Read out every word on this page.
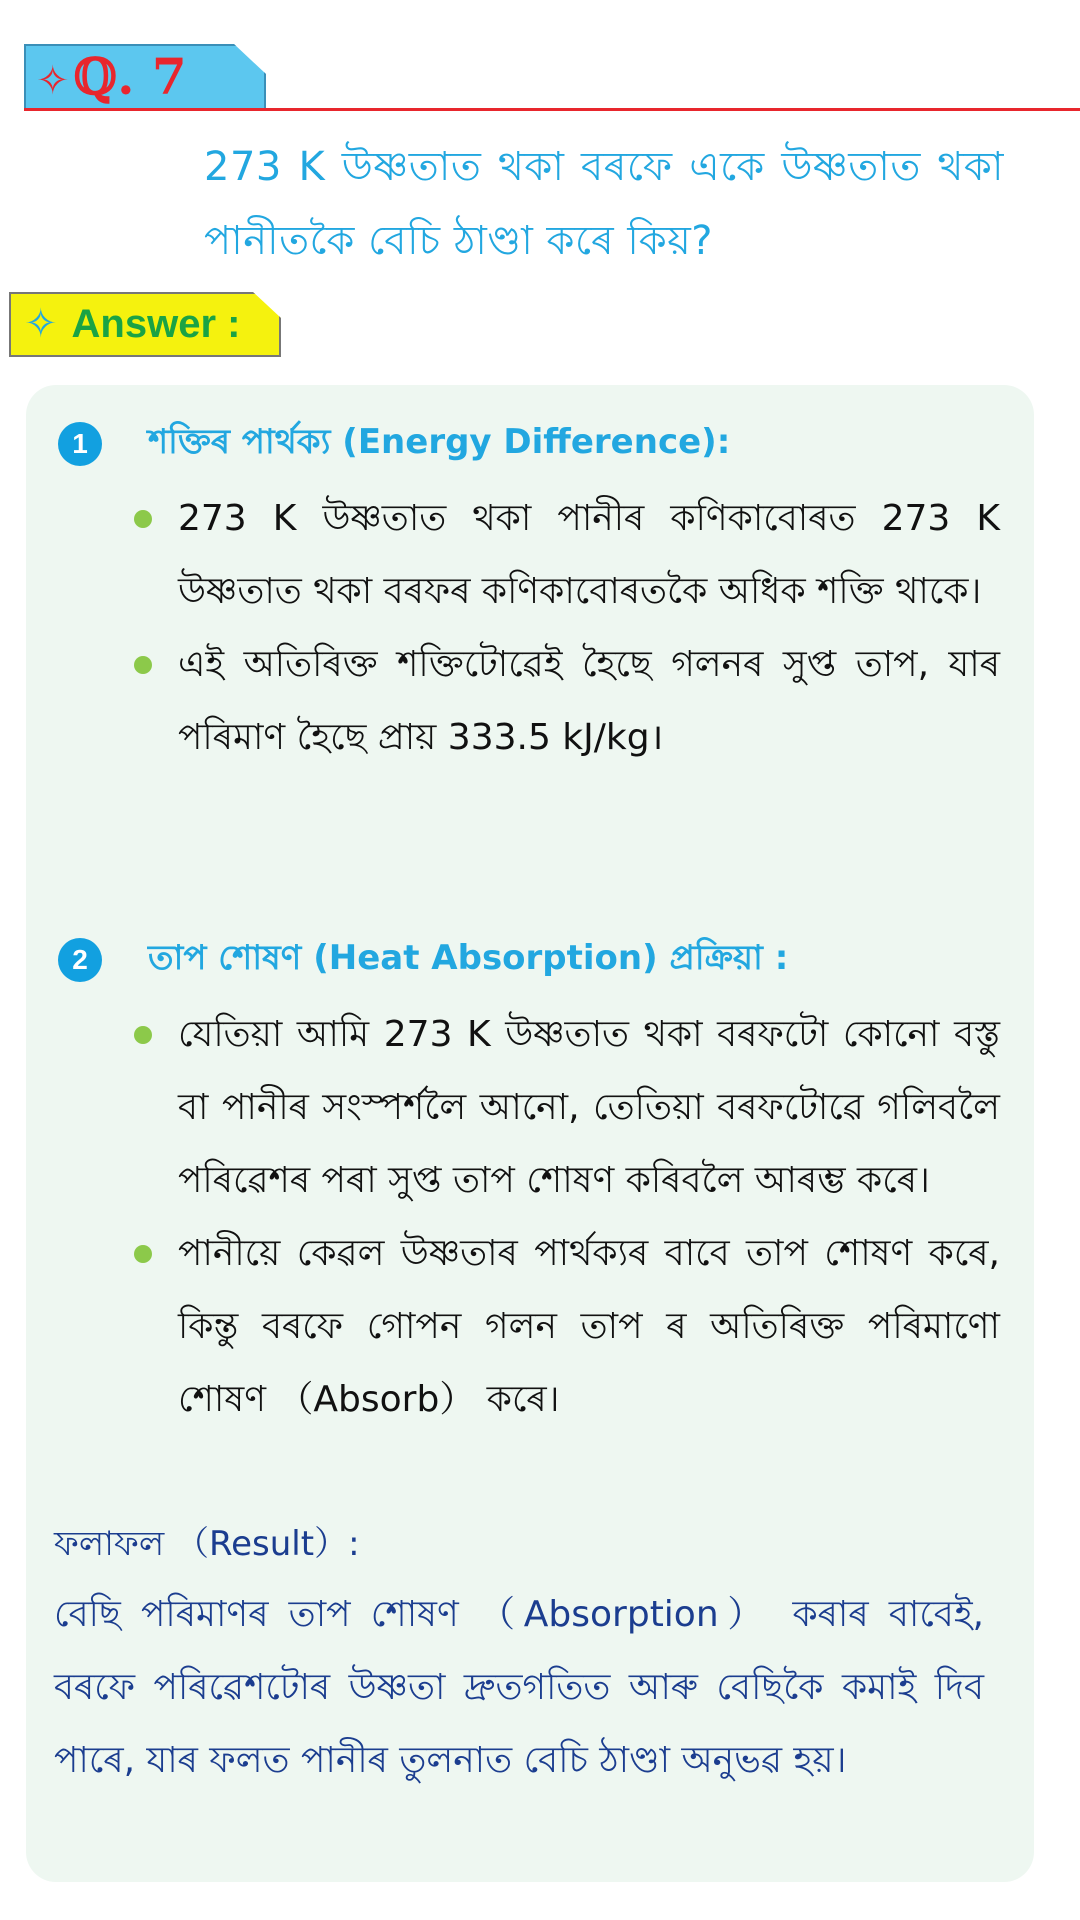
✧ℚ. 7
273 K উষ্ণতাত থকা বৰফে একে উষ্ণতাত থকা পানীতকৈ বেচি ঠাণ্ডা কৰে কিয়?
✧ Answer :
1	শক্তিৰ পাৰ্থক্য (Energy Difference):
273 K উষ্ণতাত থকা পানীৰ কণিকাবোৰত 273 K উষ্ণতাত থকা বৰফৰ কণিকাবোৰতকৈ অধিক শক্তি থাকে।
এই অতিৰিক্ত শক্তিটোৱেই হৈছে গলনৰ সুপ্ত তাপ, যাৰ পৰিমাণ হৈছে প্ৰায় 333.5 kJ/kg।
2	তাপ শোষণ (Heat Absorption) প্ৰক্ৰিয়া :
যেতিয়া আমি 273 K উষ্ণতাত থকা বৰফটো কোনো বস্তু বা পানীৰ সংস্পৰ্শলৈ আনো, তেতিয়া বৰফটোৱে গলিবলৈ পৰিৱেশৰ পৰা সুপ্ত তাপ শোষণ কৰিবলৈ আৰম্ভ কৰে।
পানীয়ে কেৱল উষ্ণতাৰ পাৰ্থক্যৰ বাবে তাপ শোষণ কৰে, কিন্তু বৰফে গোপন গলন তাপ ৰ অতিৰিক্ত পৰিমাণো শোষণ （Absorb） কৰে।
ফলাফল （Result）:
বেছি পৰিমাণৰ তাপ শোষণ （Absorption） কৰাৰ বাবেই, বৰফে পৰিৱেশটোৰ উষ্ণতা দ্ৰুতগতিত আৰু বেছিকৈ কমাই দিব পাৰে, যাৰ ফলত পানীৰ তুলনাত বেচি ঠাণ্ডা অনুভৱ হয়।
